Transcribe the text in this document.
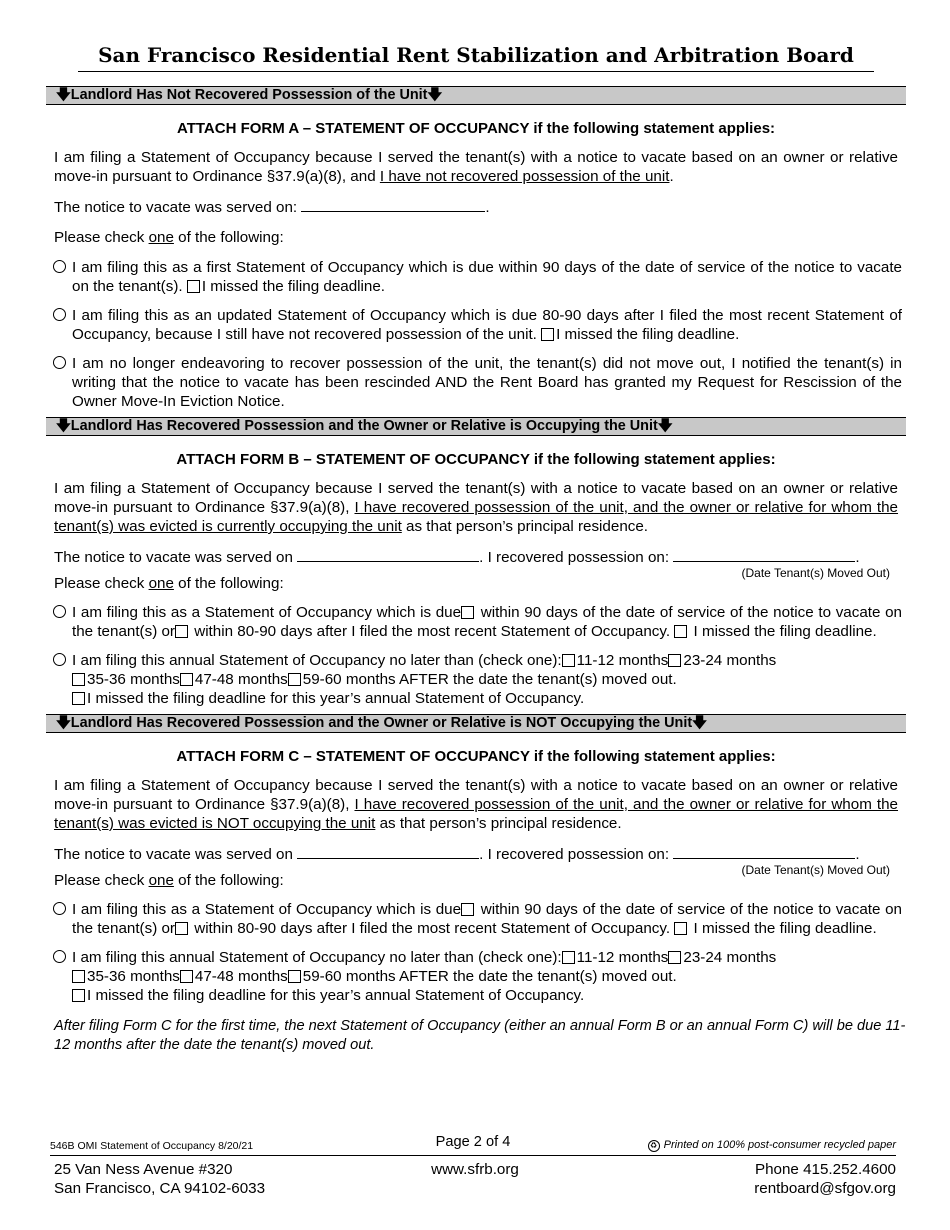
San Francisco Residential Rent Stabilization and Arbitration Board
🡇Landlord Has Not Recovered Possession of the Unit🡇

ATTACH FORM A – STATEMENT OF OCCUPANCY if the following statement applies:

I am filing a Statement of Occupancy because I served the tenant(s) with a notice to vacate based on an owner or relative move-in pursuant to Ordinance §37.9(a)(8), and I have not recovered possession of the unit.

The notice to vacate was served on:	.

Please check one of the following:

I am filing this as a first Statement of Occupancy which is due within 90 days of the date of service of the notice to vacate on the tenant(s). I missed the filing deadline.
I am filing this as an updated Statement of Occupancy which is due 80-90 days after I filed the most recent Statement of Occupancy, because I still have not recovered possession of the unit. I missed the filing deadline.
I am no longer endeavoring to recover possession of the unit, the tenant(s) did not move out, I notified the tenant(s) in writing that the notice to vacate has been rescinded AND the Rent Board has granted my Request for Rescission of the Owner Move-In Eviction Notice.
🡇Landlord Has Recovered Possession and the Owner or Relative is Occupying the Unit🡇

ATTACH FORM B – STATEMENT OF OCCUPANCY if the following statement applies:

I am filing a Statement of Occupancy because I served the tenant(s) with a notice to vacate based on an owner or relative move-in pursuant to Ordinance §37.9(a)(8), I have recovered possession of the unit, and the owner or relative for whom the tenant(s) was evicted is currently occupying the unit as that person’s principal residence.

The notice to vacate was served on	. I recovered possession on:	.

(Date Tenant(s) Moved Out)

Please check one of the following:

I am filing this as a Statement of Occupancy which is due within 90 days of the date of service of the notice to vacate on the tenant(s) or within 80-90 days after I filed the most recent Statement of Occupancy.  I missed the filing deadline.
I am filing this annual Statement of Occupancy no later than (check one): 11-12 months 23-24 months
35-36 months 47-48 months 59-60 months AFTER the date the tenant(s) moved out.
I missed the filing deadline for this year’s annual Statement of Occupancy.
🡇Landlord Has Recovered Possession and the Owner or Relative is NOT Occupying the Unit🡇

ATTACH FORM C – STATEMENT OF OCCUPANCY if the following statement applies:

I am filing a Statement of Occupancy because I served the tenant(s) with a notice to vacate based on an owner or relative move-in pursuant to Ordinance §37.9(a)(8), I have recovered possession of the unit, and the owner or relative for whom the tenant(s) was evicted is NOT occupying the unit as that person’s principal residence.

The notice to vacate was served on	. I recovered possession on:	.

(Date Tenant(s) Moved Out)

Please check one of the following:

I am filing this as a Statement of Occupancy which is due within 90 days of the date of service of the notice to vacate on the tenant(s) or within 80-90 days after I filed the most recent Statement of Occupancy.  I missed the filing deadline.
I am filing this annual Statement of Occupancy no later than (check one): 11-12 months 23-24 months
35-36 months 47-48 months 59-60 months AFTER the date the tenant(s) moved out.
I missed the filing deadline for this year’s annual Statement of Occupancy.

After filing Form C for the first time, the next Statement of Occupancy (either an annual Form B or an annual Form C) will be due 11-12 months after the date the tenant(s) moved out.

546B OMI Statement of Occupancy 8/20/21	Page 2 of 4	♻ Printed on 100% post-consumer recycled paper
25 Van Ness Avenue #320
San Francisco, CA 94102-6033
www.sfrb.org	Phone 415.252.4600
rentboard@sfgov.org
